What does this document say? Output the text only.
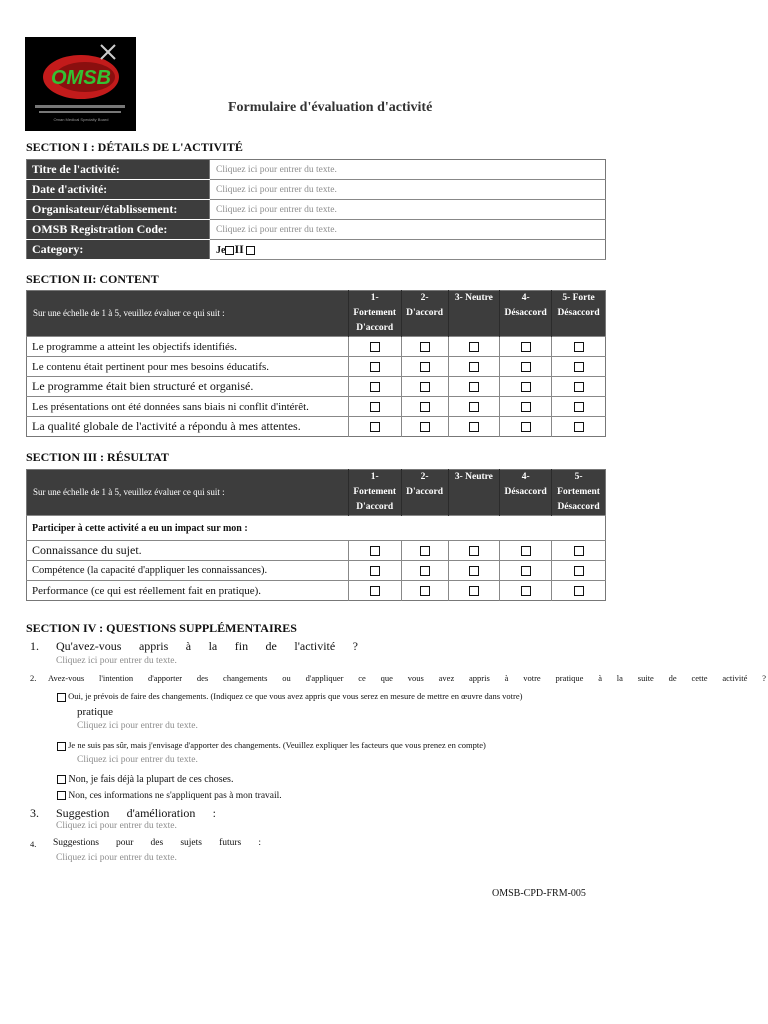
OMSB
Oman Medical Specialty Board
Formulaire d'évaluation d'activité
SECTION I : DÉTAILS DE L'ACTIVITÉ
Titre de l'activité:	Cliquez ici pour entrer du texte.
Date d'activité:	Cliquez ici pour entrer du texte.
Organisateur/établissement:	Cliquez ici pour entrer du texte.
OMSB Registration Code:	Cliquez ici pour entrer du texte.
Category:	Je II
SECTION II: CONTENT
Sur une échelle de 1 à 5, veuillez évaluer ce qui suit :	1- Fortement D'accord	2- D'accord	3- Neutre	4- Désaccord	5- Forte Désaccord
Le programme a atteint les objectifs identifiés.					
Le contenu était pertinent pour mes besoins éducatifs.					
Le programme était bien structuré et organisé.					
Les présentations ont été données sans biais ni conflit d'intérêt.					
La qualité globale de l'activité a répondu à mes attentes.					
SECTION III : RÉSULTAT
Sur une échelle de 1 à 5, veuillez évaluer ce qui suit :	1- Fortement D'accord	2- D'accord	3- Neutre	4- Désaccord	5- Fortement Désaccord
Participer à cette activité a eu un impact sur mon :					
Connaissance du sujet.					
Compétence (la capacité d'appliquer les connaissances).					
Performance (ce qui est réellement fait en pratique).					
SECTION IV : QUESTIONS SUPPLÉMENTAIRES
1. Qu'avez-vous appris à la fin de l'activité ?
Cliquez ici pour entrer du texte.
2. Avez-vous l'intention d'apporter des changements ou d'appliquer ce que vous avez appris à votre pratique à la suite de cette activité ?
Oui, je prévois de faire des changements. (Indiquez ce que vous avez appris que vous serez en mesure de mettre en œuvre dans votre)
pratique
Cliquez ici pour entrer du texte.
Je ne suis pas sûr, mais j'envisage d'apporter des changements. (Veuillez expliquer les facteurs que vous prenez en compte)
Cliquez ici pour entrer du texte.
Non, je fais déjà la plupart de ces choses.
Non, ces informations ne s'appliquent pas à mon travail.
3. Suggestion d'amélioration :
Cliquez ici pour entrer du texte.
4. Suggestions pour des sujets futurs :
Cliquez ici pour entrer du texte.
OMSB-CPD-FRM-005
